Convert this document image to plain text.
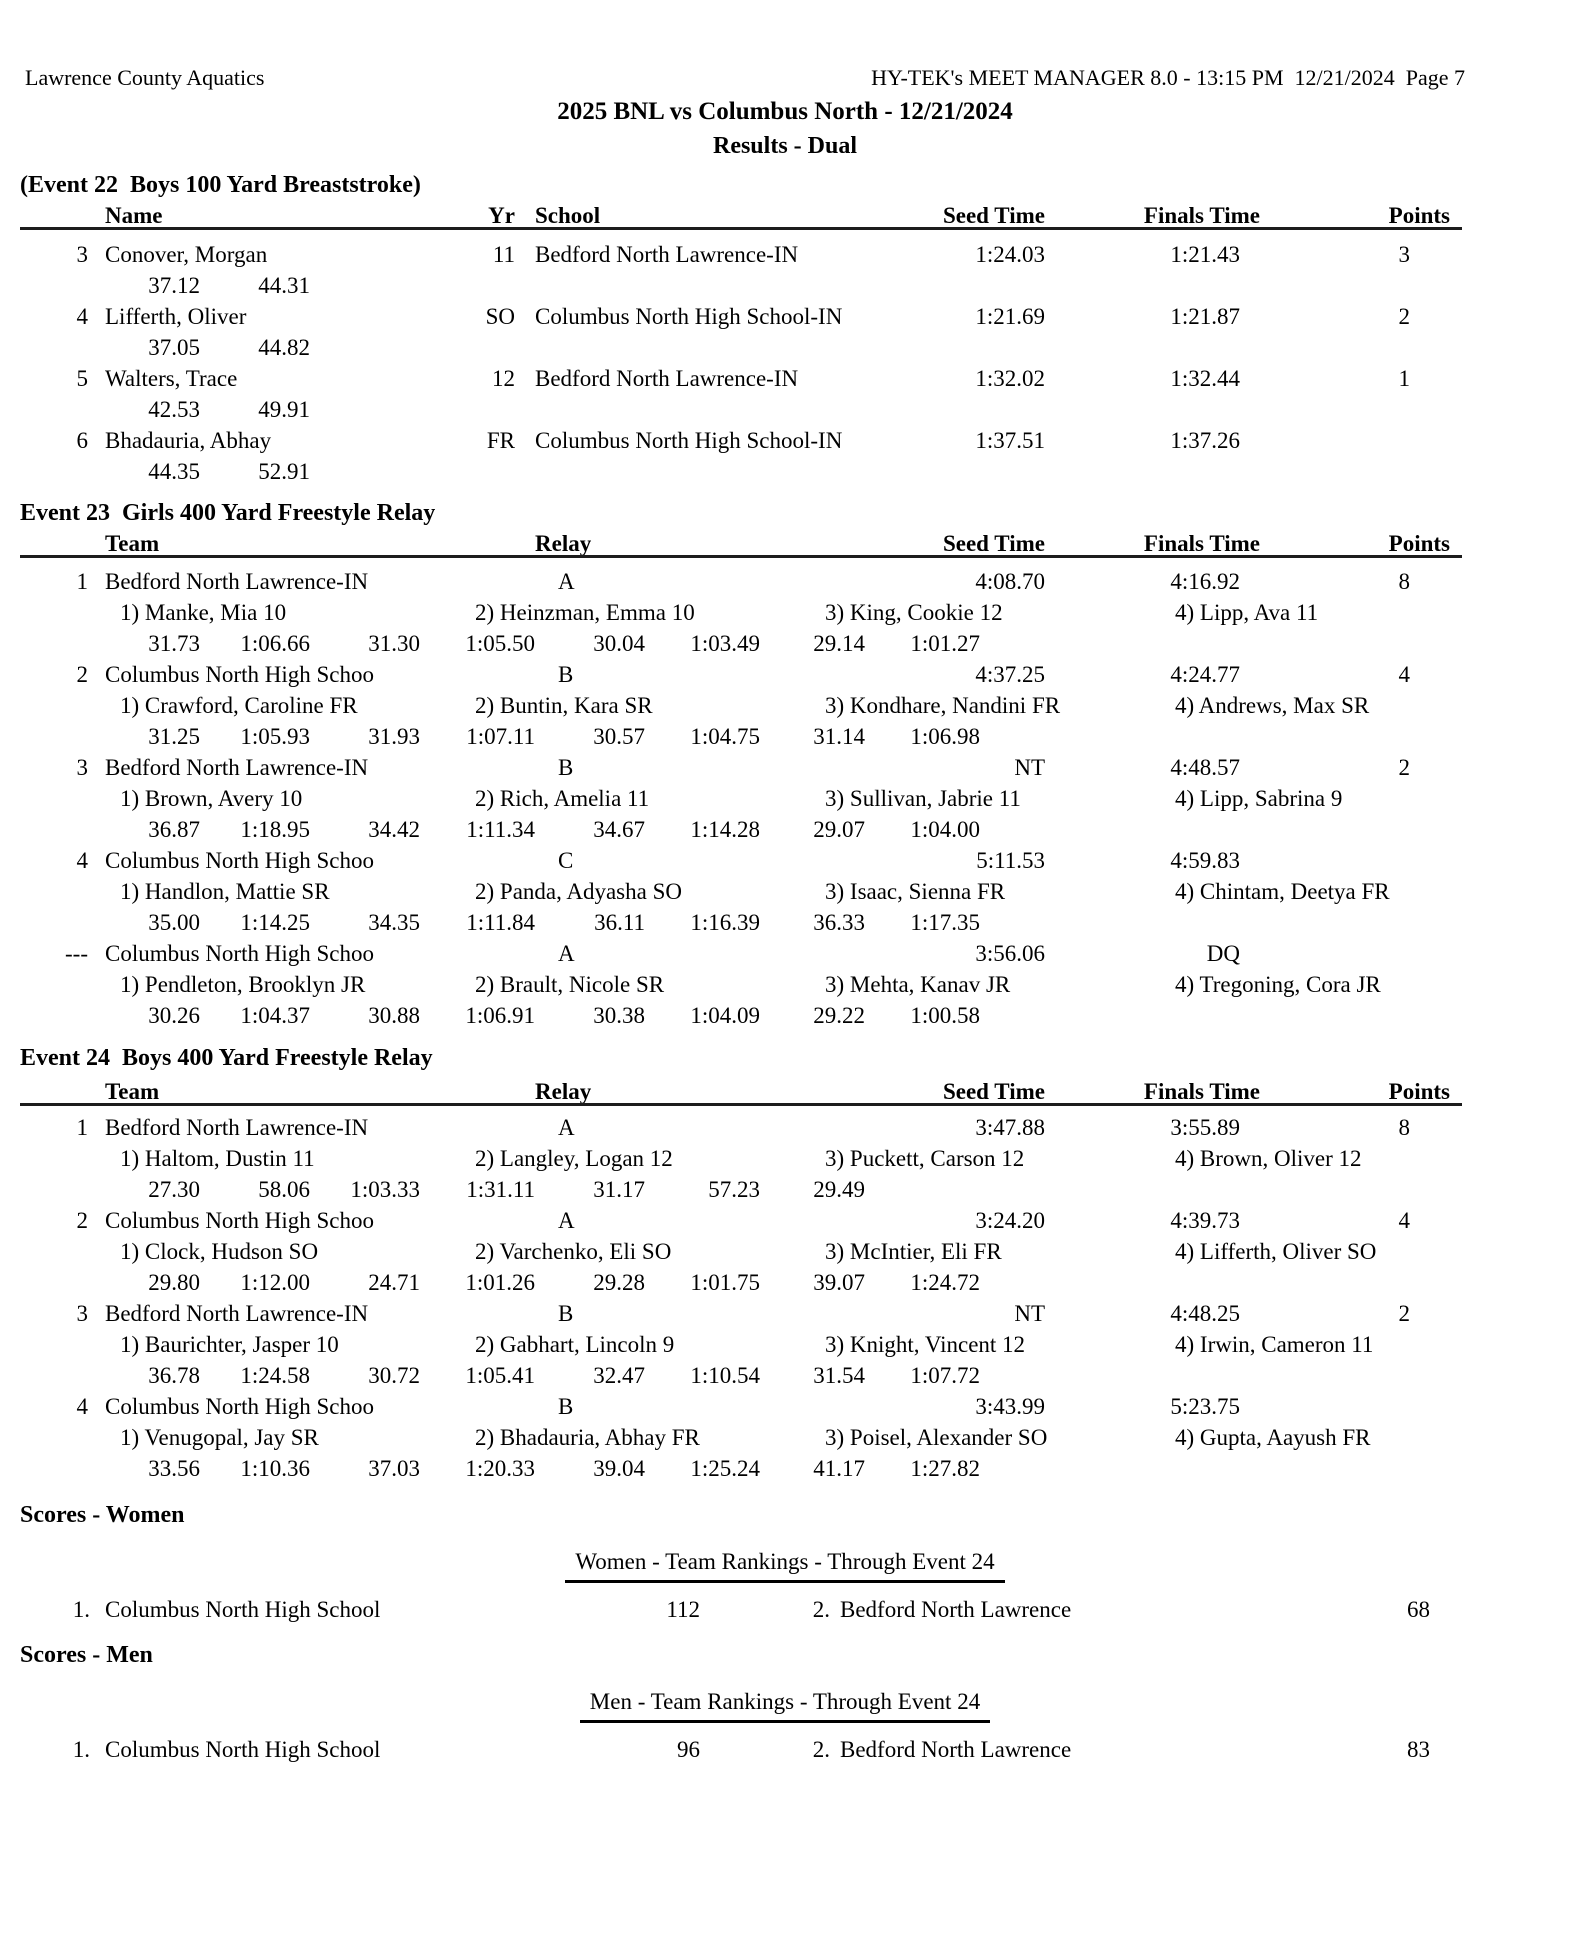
Lawrence County Aquatics	HY-TEK's MEET MANAGER 8.0 - 13:15 PM  12/21/2024  Page 7
2025 BNL vs Columbus North - 12/21/2024
Results - Dual
(Event 22  Boys 100 Yard Breaststroke)
Name	Yr School	Seed Time	Finals Time	Points
3 Conover, Morgan	11 Bedford North Lawrence-IN	1:24.03	1:21.43	3
37.12	44.31
4 Lifferth, Oliver	SO Columbus North High School-IN	1:21.69	1:21.87	2
37.05	44.82
5 Walters, Trace	12 Bedford North Lawrence-IN	1:32.02	1:32.44	1
42.53	49.91
6 Bhadauria, Abhay	FR Columbus North High School-IN	1:37.51	1:37.26
44.35	52.91
Event 23  Girls 400 Yard Freestyle Relay
Team	Relay	Seed Time	Finals Time	Points
1 Bedford North Lawrence-IN	A	4:08.70	4:16.92	8
1) Manke, Mia 10	2) Heinzman, Emma 10	3) King, Cookie 12	4) Lipp, Ava 11
31.73	1:06.66	31.30	1:05.50	30.04	1:03.49	29.14	1:01.27
2 Columbus North High Schoo	B	4:37.25	4:24.77	4
1) Crawford, Caroline FR	2) Buntin, Kara SR	3) Kondhare, Nandini FR	4) Andrews, Max SR
31.25	1:05.93	31.93	1:07.11	30.57	1:04.75	31.14	1:06.98
3 Bedford North Lawrence-IN	B	NT	4:48.57	2
1) Brown, Avery 10	2) Rich, Amelia 11	3) Sullivan, Jabrie 11	4) Lipp, Sabrina 9
36.87	1:18.95	34.42	1:11.34	34.67	1:14.28	29.07	1:04.00
4 Columbus North High Schoo	C	5:11.53	4:59.83
1) Handlon, Mattie SR	2) Panda, Adyasha SO	3) Isaac, Sienna FR	4) Chintam, Deetya FR
35.00	1:14.25	34.35	1:11.84	36.11	1:16.39	36.33	1:17.35
--- Columbus North High Schoo	A	3:56.06	DQ
1) Pendleton, Brooklyn JR	2) Brault, Nicole SR	3) Mehta, Kanav JR	4) Tregoning, Cora JR
30.26	1:04.37	30.88	1:06.91	30.38	1:04.09	29.22	1:00.58
Event 24  Boys 400 Yard Freestyle Relay
Team	Relay	Seed Time	Finals Time	Points
1 Bedford North Lawrence-IN	A	3:47.88	3:55.89	8
1) Haltom, Dustin 11	2) Langley, Logan 12	3) Puckett, Carson 12	4) Brown, Oliver 12
27.30	58.06	1:03.33	1:31.11	31.17	57.23	29.49
2 Columbus North High Schoo	A	3:24.20	4:39.73	4
1) Clock, Hudson SO	2) Varchenko, Eli SO	3) McIntier, Eli FR	4) Lifferth, Oliver SO
29.80	1:12.00	24.71	1:01.26	29.28	1:01.75	39.07	1:24.72
3 Bedford North Lawrence-IN	B	NT	4:48.25	2
1) Baurichter, Jasper 10	2) Gabhart, Lincoln 9	3) Knight, Vincent 12	4) Irwin, Cameron 11
36.78	1:24.58	30.72	1:05.41	32.47	1:10.54	31.54	1:07.72
4 Columbus North High Schoo	B	3:43.99	5:23.75
1) Venugopal, Jay SR	2) Bhadauria, Abhay FR	3) Poisel, Alexander SO	4) Gupta, Aayush FR
33.56	1:10.36	37.03	1:20.33	39.04	1:25.24	41.17	1:27.82
Scores - Women
Women - Team Rankings - Through Event 24
1. Columbus North High School	112	2. Bedford North Lawrence	68
Scores - Men
Men - Team Rankings - Through Event 24
1. Columbus North High School	96	2. Bedford North Lawrence	83
